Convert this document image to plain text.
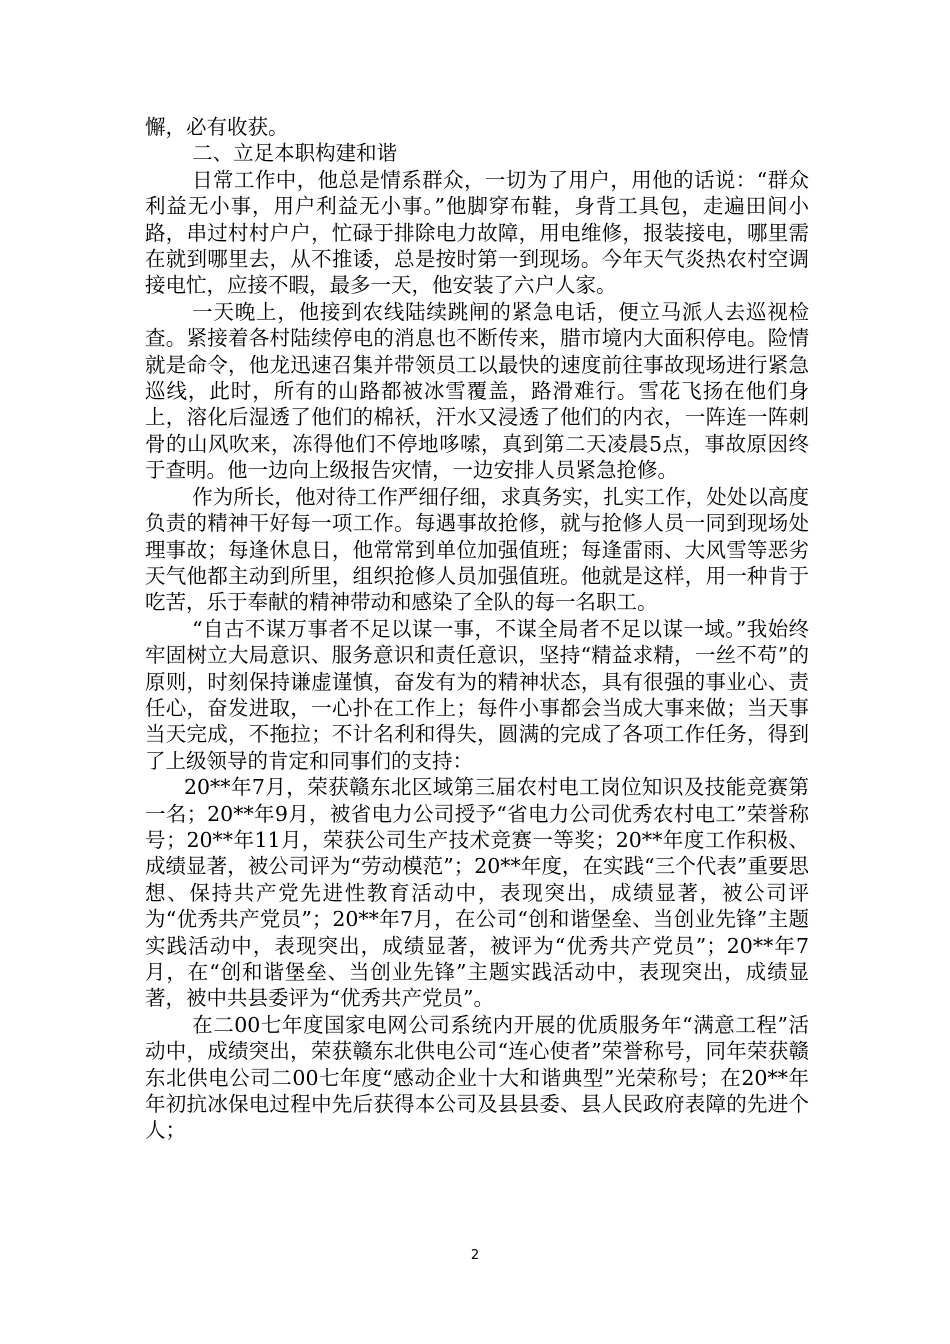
懈，必有收获。

二、立足本职构建和谐

日常工作中，他总是情系群众，一切为了用户，用他的话说：“群众利益无小事，用户利益无小事。”他脚穿布鞋，身背工具包，走遍田间小路，串过村村户户，忙碌于排除电力故障，用电维修，报装接电，哪里需在就到哪里去，从不推诿，总是按时第一到现场。今年天气炎热农村空调接电忙，应接不暇，最多一天，他安装了六户人家。

一天晚上，他接到农线陆续跳闸的紧急电话，便立马派人去巡视检查。紧接着各村陆续停电的消息也不断传来，腊市境内大面积停电。险情就是命令，他龙迅速召集并带领员工以最快的速度前往事故现场进行紧急巡线，此时，所有的山路都被冰雪覆盖，路滑难行。雪花飞扬在他们身上，溶化后湿透了他们的棉袄，汗水又浸透了他们的内衣，一阵连一阵刺骨的山风吹来，冻得他们不停地哆嗦，真到第二天凌晨5点，事故原因终于查明。他一边向上级报告灾情，一边安排人员紧急抢修。

作为所长，他对待工作严细仔细，求真务实，扎实工作，处处以高度负责的精神干好每一项工作。每遇事故抢修，就与抢修人员一同到现场处理事故；每逢休息日，他常常到单位加强值班；每逢雷雨、大风雪等恶劣天气他都主动到所里，组织抢修人员加强值班。他就是这样，用一种肯于吃苦，乐于奉献的精神带动和感染了全队的每一名职工。

“自古不谋万事者不足以谋一事，不谋全局者不足以谋一域。”我始终牢固树立大局意识、服务意识和责任意识，坚持“精益求精，一丝不苟”的原则，时刻保持谦虚谨慎，奋发有为的精神状态，具有很强的事业心、责任心，奋发进取，一心扑在工作上；每件小事都会当成大事来做；当天事当天完成，不拖拉；不计名利和得失，圆满的完成了各项工作任务，得到了上级领导的肯定和同事们的支持：

20**年7月，荣获赣东北区域第三届农村电工岗位知识及技能竞赛第一名；20**年9月，被省电力公司授予“省电力公司优秀农村电工”荣誉称号；20**年11月，荣获公司生产技术竞赛一等奖；20**年度工作积极、成绩显著，被公司评为“劳动模范”；20**年度，在实践“三个代表”重要思想、保持共产党先进性教育活动中，表现突出，成绩显著，被公司评为“优秀共产党员”；20**年7月，在公司“创和谐堡垒、当创业先锋”主题实践活动中，表现突出，成绩显著，被评为“优秀共产党员”；20**年7月，在“创和谐堡垒、当创业先锋”主题实践活动中，表现突出，成绩显著，被中共县委评为“优秀共产党员”。

在二00七年度国家电网公司系统内开展的优质服务年“满意工程”活动中，成绩突出，荣获赣东北供电公司“连心使者”荣誉称号，同年荣获赣东北供电公司二00七年度“感动企业十大和谐典型”光荣称号；在20**年年初抗冰保电过程中先后获得本公司及县县委、县人民政府表障的先进个人；

2
